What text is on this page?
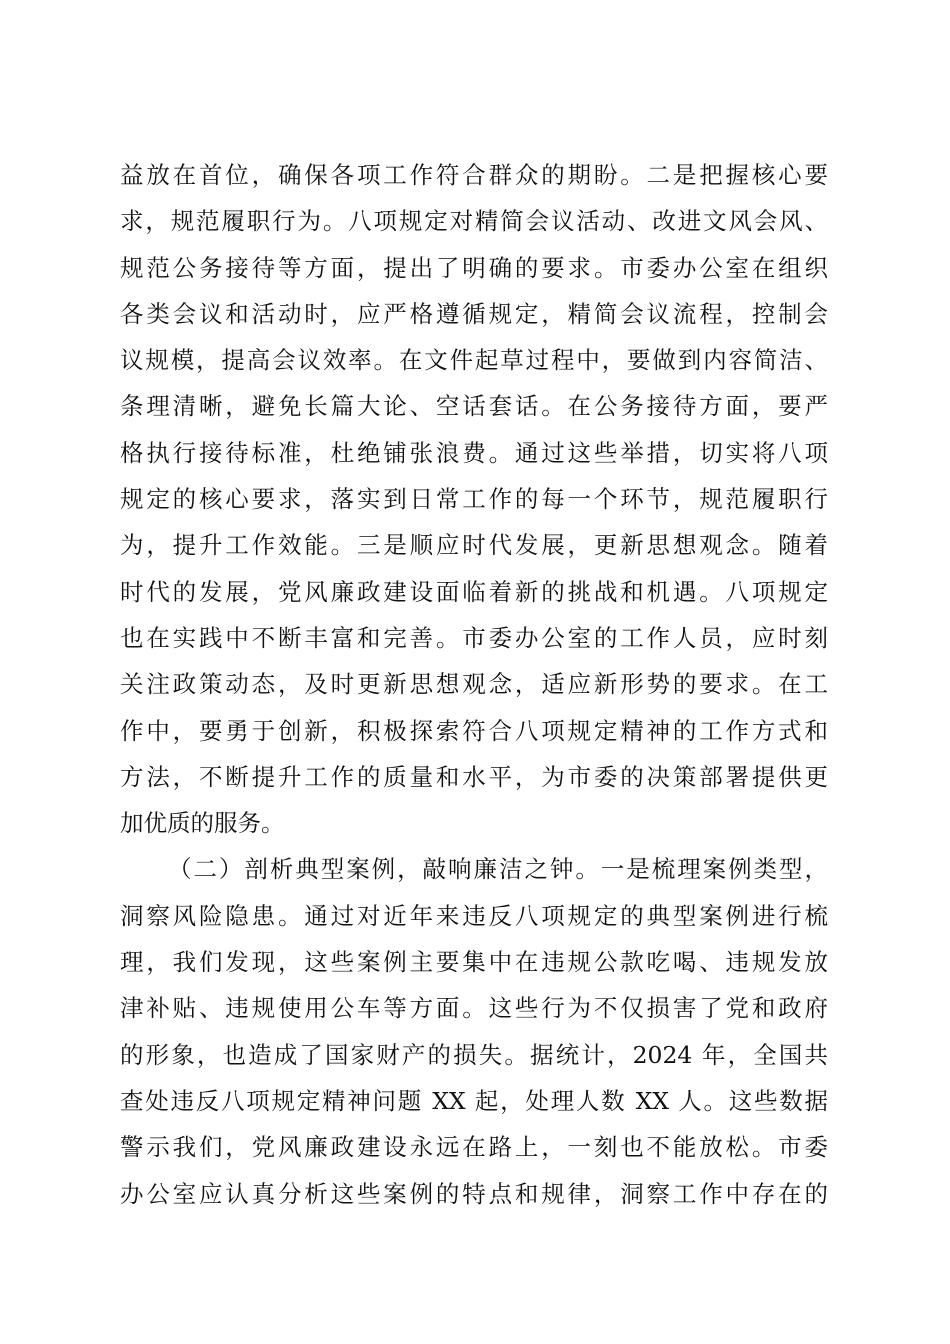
益放在首位，确保各项工作符合群众的期盼。二是把握核心要
求，规范履职行为。八项规定对精简会议活动、改进文风会风、
规范公务接待等方面，提出了明确的要求。市委办公室在组织
各类会议和活动时，应严格遵循规定，精简会议流程，控制会
议规模，提高会议效率。在文件起草过程中，要做到内容简洁、
条理清晰，避免长篇大论、空话套话。在公务接待方面，要严
格执行接待标准，杜绝铺张浪费。通过这些举措，切实将八项
规定的核心要求，落实到日常工作的每一个环节，规范履职行
为，提升工作效能。三是顺应时代发展，更新思想观念。随着
时代的发展，党风廉政建设面临着新的挑战和机遇。八项规定
也在实践中不断丰富和完善。市委办公室的工作人员，应时刻
关注政策动态，及时更新思想观念，适应新形势的要求。在工
作中，要勇于创新，积极探索符合八项规定精神的工作方式和
方法，不断提升工作的质量和水平，为市委的决策部署提供更
加优质的服务。
（二）剖析典型案例，敲响廉洁之钟。一是梳理案例类型，
洞察风险隐患。通过对近年来违反八项规定的典型案例进行梳
理，我们发现，这些案例主要集中在违规公款吃喝、违规发放
津补贴、违规使用公车等方面。这些行为不仅损害了党和政府
的形象，也造成了国家财产的损失。据统计，2024 年，全国共
查处违反八项规定精神问题 XX 起，处理人数 XX 人。这些数据
警示我们，党风廉政建设永远在路上，一刻也不能放松。市委
办公室应认真分析这些案例的特点和规律，洞察工作中存在的
